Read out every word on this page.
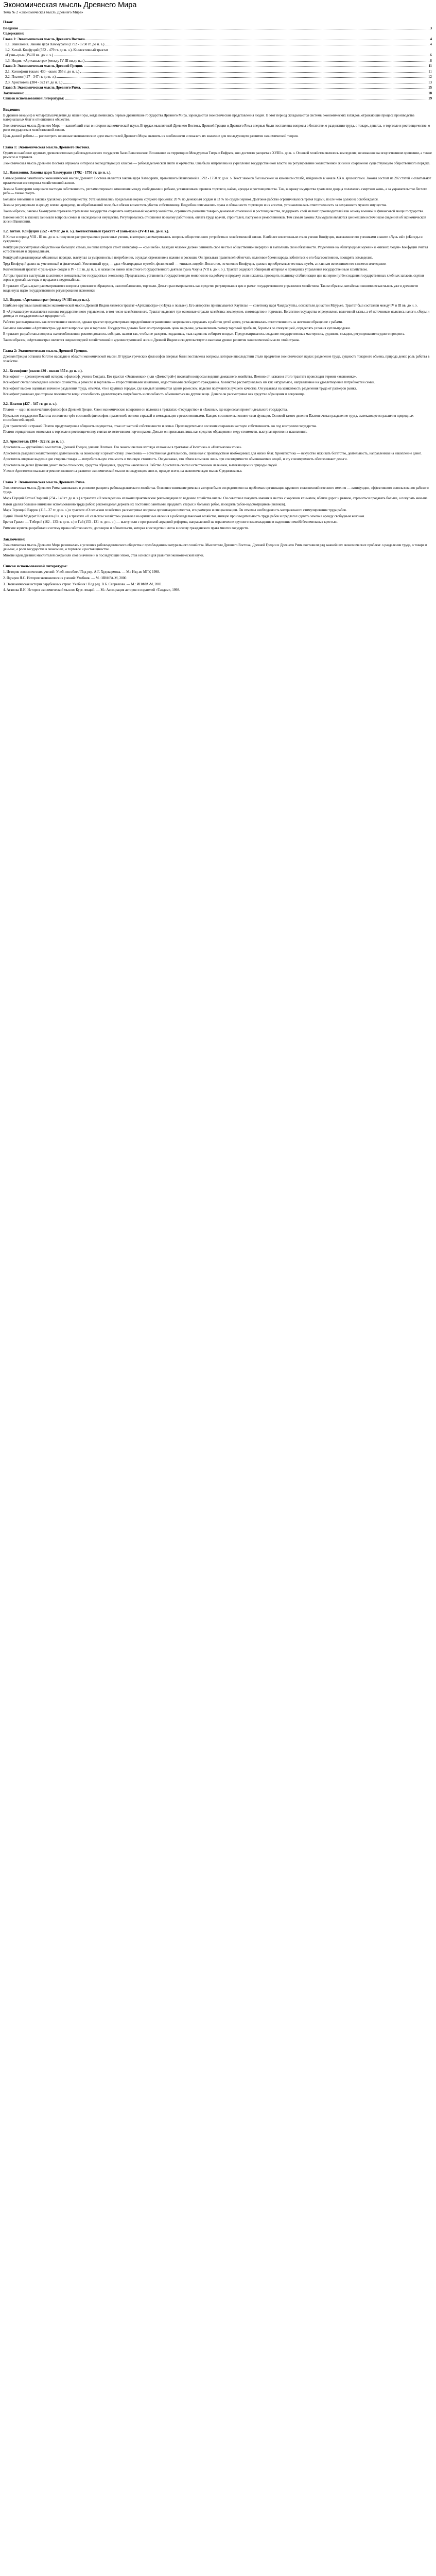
Экономическая мысль Древнего Мира
Тема № 2 «Экономическая мысль Древнего Мира»
План:
Введение	3
Содержание:
Глава 1: Экономическая мысль Древнего Востока.	4
1.1. Вавилония. Законы царя Хаммурапи (1792 - 1750 гг. до н. э.)	4
1.2. Китай. Конфуций (552 - 479 гг. до н. э.). Коллективный трактат
«Гуань-цзы» (IV-III вв. до н. э.)	6
1.3. Индия. «Артхашастра» (между IV-III вв.до н.э.)	8
Глава 2: Экономическая мысль Древней Греции.	11
2.1. Ксенофонт (около 430 - около 355 г. до н. э.)	11
2.2. Платон (427 - 347 гг. до н. э.)	12
2.3. Аристотель (384 - 322 гг. до н. э.)	13
Глава 3: Экономическая мысль Древнего Рима.	15
Заключение:	18
Список использованной литературы:	19
Введение:

В древние века мир в четыреxтысячелетия до нашей эры, когда появились первые древнейшие государства Древнего Мира, зарождаются экономические представления людей. В этот период складываются системы экономических взглядов, отражающие процесс производства материальных благ и отношения в обществе.

Экономическая мысль Древнего Мира — важнейший этап в истории экономической науки. В трудах мыслителей Древнего Востока, Древней Греции и Древнего Рима впервые были поставлены вопросы о богатстве, о разделении труда, о товаре, деньгах, о торговле и ростовщичестве, о роли государства в хозяйственной жизни.

Цель данной работы — рассмотреть основные экономические идеи мыслителей Древнего Мира, выявить их особенности и показать их значение для последующего развития экономической теории.

Глава 1: Экономическая мысль Древнего Востока.

Одним из наиболее крупных древневосточных рабовладельческих государств было Вавилонское. Возникшее на территории Междуречья Тигра и Евфрата, оно достигло расцвета в XVIII в. до н. э. Основой хозяйства являлось земледелие, основанное на искусственном орошении, а также ремесло и торговля.

Экономическая мысль Древнего Востока отражала интересы господствующих классов — рабовладельческой знати и жречества. Она была направлена на укрепление государственной власти, на регулирование хозяйственной жизни и сохранение существующего общественного порядка.

1.1. Вавилония. Законы царя Хаммурапи (1792 - 1750 гг. до н. э.).

Самым ранним памятником экономической мысли Древнего Востока являются законы царя Хаммурапи, правившего Вавилонией в 1792 - 1750 гг. до н. э. Текст законов был высечен на каменном столбе, найденном в начале XX в. археологами. Законы состоят из 282 статей и охватывают практически все стороны хозяйственной жизни.

Законы Хаммурапи защищали частную собственность, регламентировали отношения между свободными и рабами, устанавливали правила торговли, найма, аренды и ростовщичества. Так, за кражу имущества храма или дворца полагалась смертная казнь, а за укрывательство беглого раба — также смерть.

Большое внимание в законах уделялось ростовщичеству. Устанавливались предельные нормы ссудного процента: 20 % по денежным ссудам и 33 % по ссудам зерном. Долговое рабство ограничивалось тремя годами, после чего должник освобождался.

Законы регулировали и аренду земли: арендатор, не обработавший поле, был обязан возместить убыток собственнику. Подробно описывались права и обязанности торговцев и их агентов, устанавливалась ответственность за сохранность чужого имущества.

Таким образом, законы Хаммурапи отражали стремление государства сохранить натуральный характер хозяйства, ограничить развитие товарно-денежных отношений и ростовщичества, поддержать слой мелких производителей как основу военной и финансовой мощи государства.

Важное место в законах занимали вопросы семьи и наследования имущества. Регулировались отношения по найму работников, оплата труда врачей, строителей, пастухов и ремесленников. Тем самым законы Хаммурапи являются ценнейшим источником сведений об экономической жизни Вавилонии.

1.2. Китай. Конфуций (552 - 479 гг. до н. э.). Коллективный трактат «Гуань-цзы» (IV-III вв. до н. э.).

В Китае в период VIII - III вв. до н. э. получили распространение различные учения, в которых рассматривались вопросы общественного устройства и хозяйственной жизни. Наиболее влиятельным стало учение Конфуция, изложенное его учениками в книге «Лунь юй» («Беседы и суждения»).

Конфуций рассматривал общество как большую семью, во главе которой стоит император — «сын неба». Каждый человек должен занимать своё место в общественной иерархии и выполнять свои обязанности. Разделение на «благородных мужей» и «низких людей» Конфуций считал естественным и справедливым.

Конфуций идеализировал общинные порядки, выступал за умеренность в потреблении, осуждал стремление к наживе и роскоши. Он призывал правителей облегчать налоговое бремя народа, заботиться о его благосостоянии, поощрять земледелие.

Труд Конфуций делил на умственный и физический. Умственный труд — удел «благородных мужей», физический — «низких людей». Богатство, по мнению Конфуция, должно приобретаться честным путём, а главным источником его является земледелие.

Коллективный трактат «Гуань-цзы» создан в IV - III вв. до н. э. и назван по имени известного государственного деятеля Гуань Чжуна (VII в. до н. э.). Трактат содержит обширный материал о принципах управления государственным хозяйством.

Авторы трактата выступали за активное вмешательство государства в экономику. Предлагалось установить государственную монополию на добычу и продажу соли и железа, проводить политику стабилизации цен на зерно путём создания государственных хлебных запасов, скупки зерна в урожайные годы и продажи в неурожайные.

В трактате «Гуань-цзы» рассматриваются вопросы денежного обращения, налогообложения, торговли. Деньги рассматривались как средство регулирования цен и рычаг государственного управления хозяйством. Таким образом, китайская экономическая мысль уже в древности выдвинула идею государственного регулирования экономики.

1.3. Индия. «Артхашастра» (между IV-III вв.до н.э.).

Наиболее крупным памятником экономической мысли Древней Индии является трактат «Артхашастра» («Наука о пользе»). Его авторство приписывается Каутилье — советнику царя Чандрагупты, основателя династии Маурьев. Трактат был составлен между IV и III вв. до н. э.

В «Артхашастре» излагаются основы государственного управления, в том числе хозяйственного. Трактат выделяет три основные отрасли хозяйства: земледелие, скотоводство и торговлю. Богатство государства определялось величиной казны, а её источником являлись налоги, сборы и доходы от государственных предприятий.

Рабство рассматривалось как естественное явление, однако трактат предусматривал определённые ограничения: запрещалось продавать в рабство детей ариев, устанавливалась ответственность за жестокое обращение с рабами.

Большое внимание «Артхашастра» уделяет вопросам цен и торговли. Государство должно было контролировать цены на рынке, устанавливать размер торговой прибыли, бороться со спекуляцией, определять условия купли-продажи.

В трактате разработаны вопросы налогообложения: рекомендовалось собирать налоги так, чтобы не разорять подданных, «как садовник собирает плоды». Предусматривалось создание государственных мастерских, рудников, складов, регулирование ссудного процента.

Таким образом, «Артхашастра» является энциклопедией хозяйственной и административной жизни Древней Индии и свидетельствует о высоком уровне развития экономической мысли этой страны.

Глава 2: Экономическая мысль Древней Греции.

Древняя Греция оставила богатое наследие в области экономической мысли. В трудах греческих философов впервые были поставлены вопросы, которые впоследствии стали предметом экономической науки: разделение труда, сущность товарного обмена, природа денег, роль рабства в хозяйстве.

2.1. Ксенофонт (около 430 - около 355 г. до н. э.).

Ксенофонт — древнегреческий историк и философ, ученик Сократа. Его трактат «Экономикос» (или «Домострой») посвящён вопросам ведения домашнего хозяйства. Именно от названия этого трактата происходит термин «экономика».

Ксенофонт считал земледелие основой хозяйства, а ремесло и торговлю — второстепенными занятиями, недостойными свободного гражданина. Хозяйство рассматривалось им как натуральное, направленное на удовлетворение потребностей семьи.

Ксенофонт высоко оценивал значение разделения труда, отмечая, что в крупных городах, где каждый занимается одним ремеслом, изделия получаются лучшего качества. Он указывал на зависимость разделения труда от размеров рынка.

Ксенофонт различал две стороны полезности вещи: способность удовлетворять потребность и способность обмениваться на другие вещи. Деньги он рассматривал как средство обращения и сокровища.

2.2. Платон (427 - 347 гг. до н. э.).

Платон — один из величайших философов Древней Греции. Свои экономические воззрения он изложил в трактатах «Государство» и «Законы», где нарисовал проект идеального государства.

Идеальное государство Платона состоит из трёх сословий: философов-правителей, воинов-стражей и земледельцев с ремесленниками. Каждое сословие выполняет свои функции. Основой такого деления Платон считал разделение труда, вытекающее из различия природных способностей людей.

Для правителей и стражей Платон предусматривал общность имущества, отказ от частной собственности и семьи. Производительное сословие сохраняло частную собственность, но под контролем государства.

Платон отрицательно относился к торговле и ростовщичеству, считая их источником порчи нравов. Деньги он признавал лишь как средство обращения и меру стоимости, выступая против их накопления.

2.3. Аристотель (384 - 322 гг. до н. э.).

Аристотель — крупнейший мыслитель Древней Греции, ученик Платона. Его экономические взгляды изложены в трактатах «Политика» и «Никомахова этика».

Аристотель разделил хозяйственную деятельность на экономику и хрематистику. Экономика — естественная деятельность, связанная с производством необходимых для жизни благ. Хрематистика — искусство наживать богатство, деятельность, направленная на накопление денег.

Аристотель впервые выделил две стороны товара — потребительную стоимость и меновую стоимость. Он указывал, что обмен возможен лишь при соизмеримости обмениваемых вещей, и эту соизмеримость обеспечивают деньги.

Аристотель выделил функции денег: меры стоимости, средства обращения, средства накопления. Рабство Аристотель считал естественным явлением, вытекающим из природы людей.

Учение Аристотеля оказало огромное влияние на развитие экономической мысли последующих эпох и, прежде всего, на экономическую мысль Средневековья.

Глава 3: Экономическая мысль Древнего Рима.

Экономическая мысль Древнего Рима развивалась в условиях расцвета рабовладельческого хозяйства. Основное внимание римских авторов было сосредоточено на проблемах организации крупного сельскохозяйственного имения — латифундии, эффективного использования рабского труда.

Марк Порций Катон Старший (234 - 149 гг. до н. э.) в трактате «О земледелии» изложил практические рекомендации по ведению хозяйства виллы. Он советовал покупать имения в местах с хорошим климатом, вблизи дорог и рынков, стремиться продавать больше, а покупать меньше.

Катон уделял большое внимание использованию труда рабов: рекомендовал держать их постоянно занятыми, продавать старых и больных рабов, поощрять рабов-надсмотрщиков (виликов).

Марк Теренций Варрон (116 - 27 гг. до н. э.) в трактате «О сельском хозяйстве» рассматривал вопросы организации поместья, его размеров и специализации. Он отмечал необходимость материального стимулирования труда рабов.

Луций Юний Модерат Колумелла (I в. н. э.) в трактате «О сельском хозяйстве» указывал на кризисные явления в рабовладельческом хозяйстве, низкую производительность труда рабов и предлагал сдавать землю в аренду свободным колонам.

Братья Гракхи — Тиберий (162 - 133 гг. до н. э.) и Гай (153 - 121 гг. до н. э.) — выступили с программой аграрной реформы, направленной на ограничение крупного землевладения и наделение землёй безземельных крестьян.

Римские юристы разработали систему права собственности, договоров и обязательств, которая впоследствии легла в основу гражданского права многих государств.

Заключение:

Экономическая мысль Древнего Мира развивалась в условиях рабовладельческого общества с преобладанием натурального хозяйства. Мыслители Древнего Востока, Древней Греции и Древнего Рима поставили ряд важнейших экономических проблем: о разделении труда, о товаре и деньгах, о роли государства в экономике, о торговле и ростовщичестве.

Многие идеи древних мыслителей сохранили своё значение и в последующие эпохи, став основой для развития экономической науки.

Список использованной литературы:
1. История экономических учений: Учеб. пособие / Под ред. А.Г. Худокормова. — М.: Изд-во МГУ, 1998.
2. Ядгаров Я.С. История экономических учений: Учебник. — М.: ИНФРА-М, 2000.
3. Экономическая история зарубежных стран: Учебник / Под ред. В.Б. Сапрыкова. — М.: ИНФРА-М, 2001.
4. Агапова И.И. История экономической мысли: Курс лекций. — М.: Ассоциация авторов и издателей «Тандем», 1998.
